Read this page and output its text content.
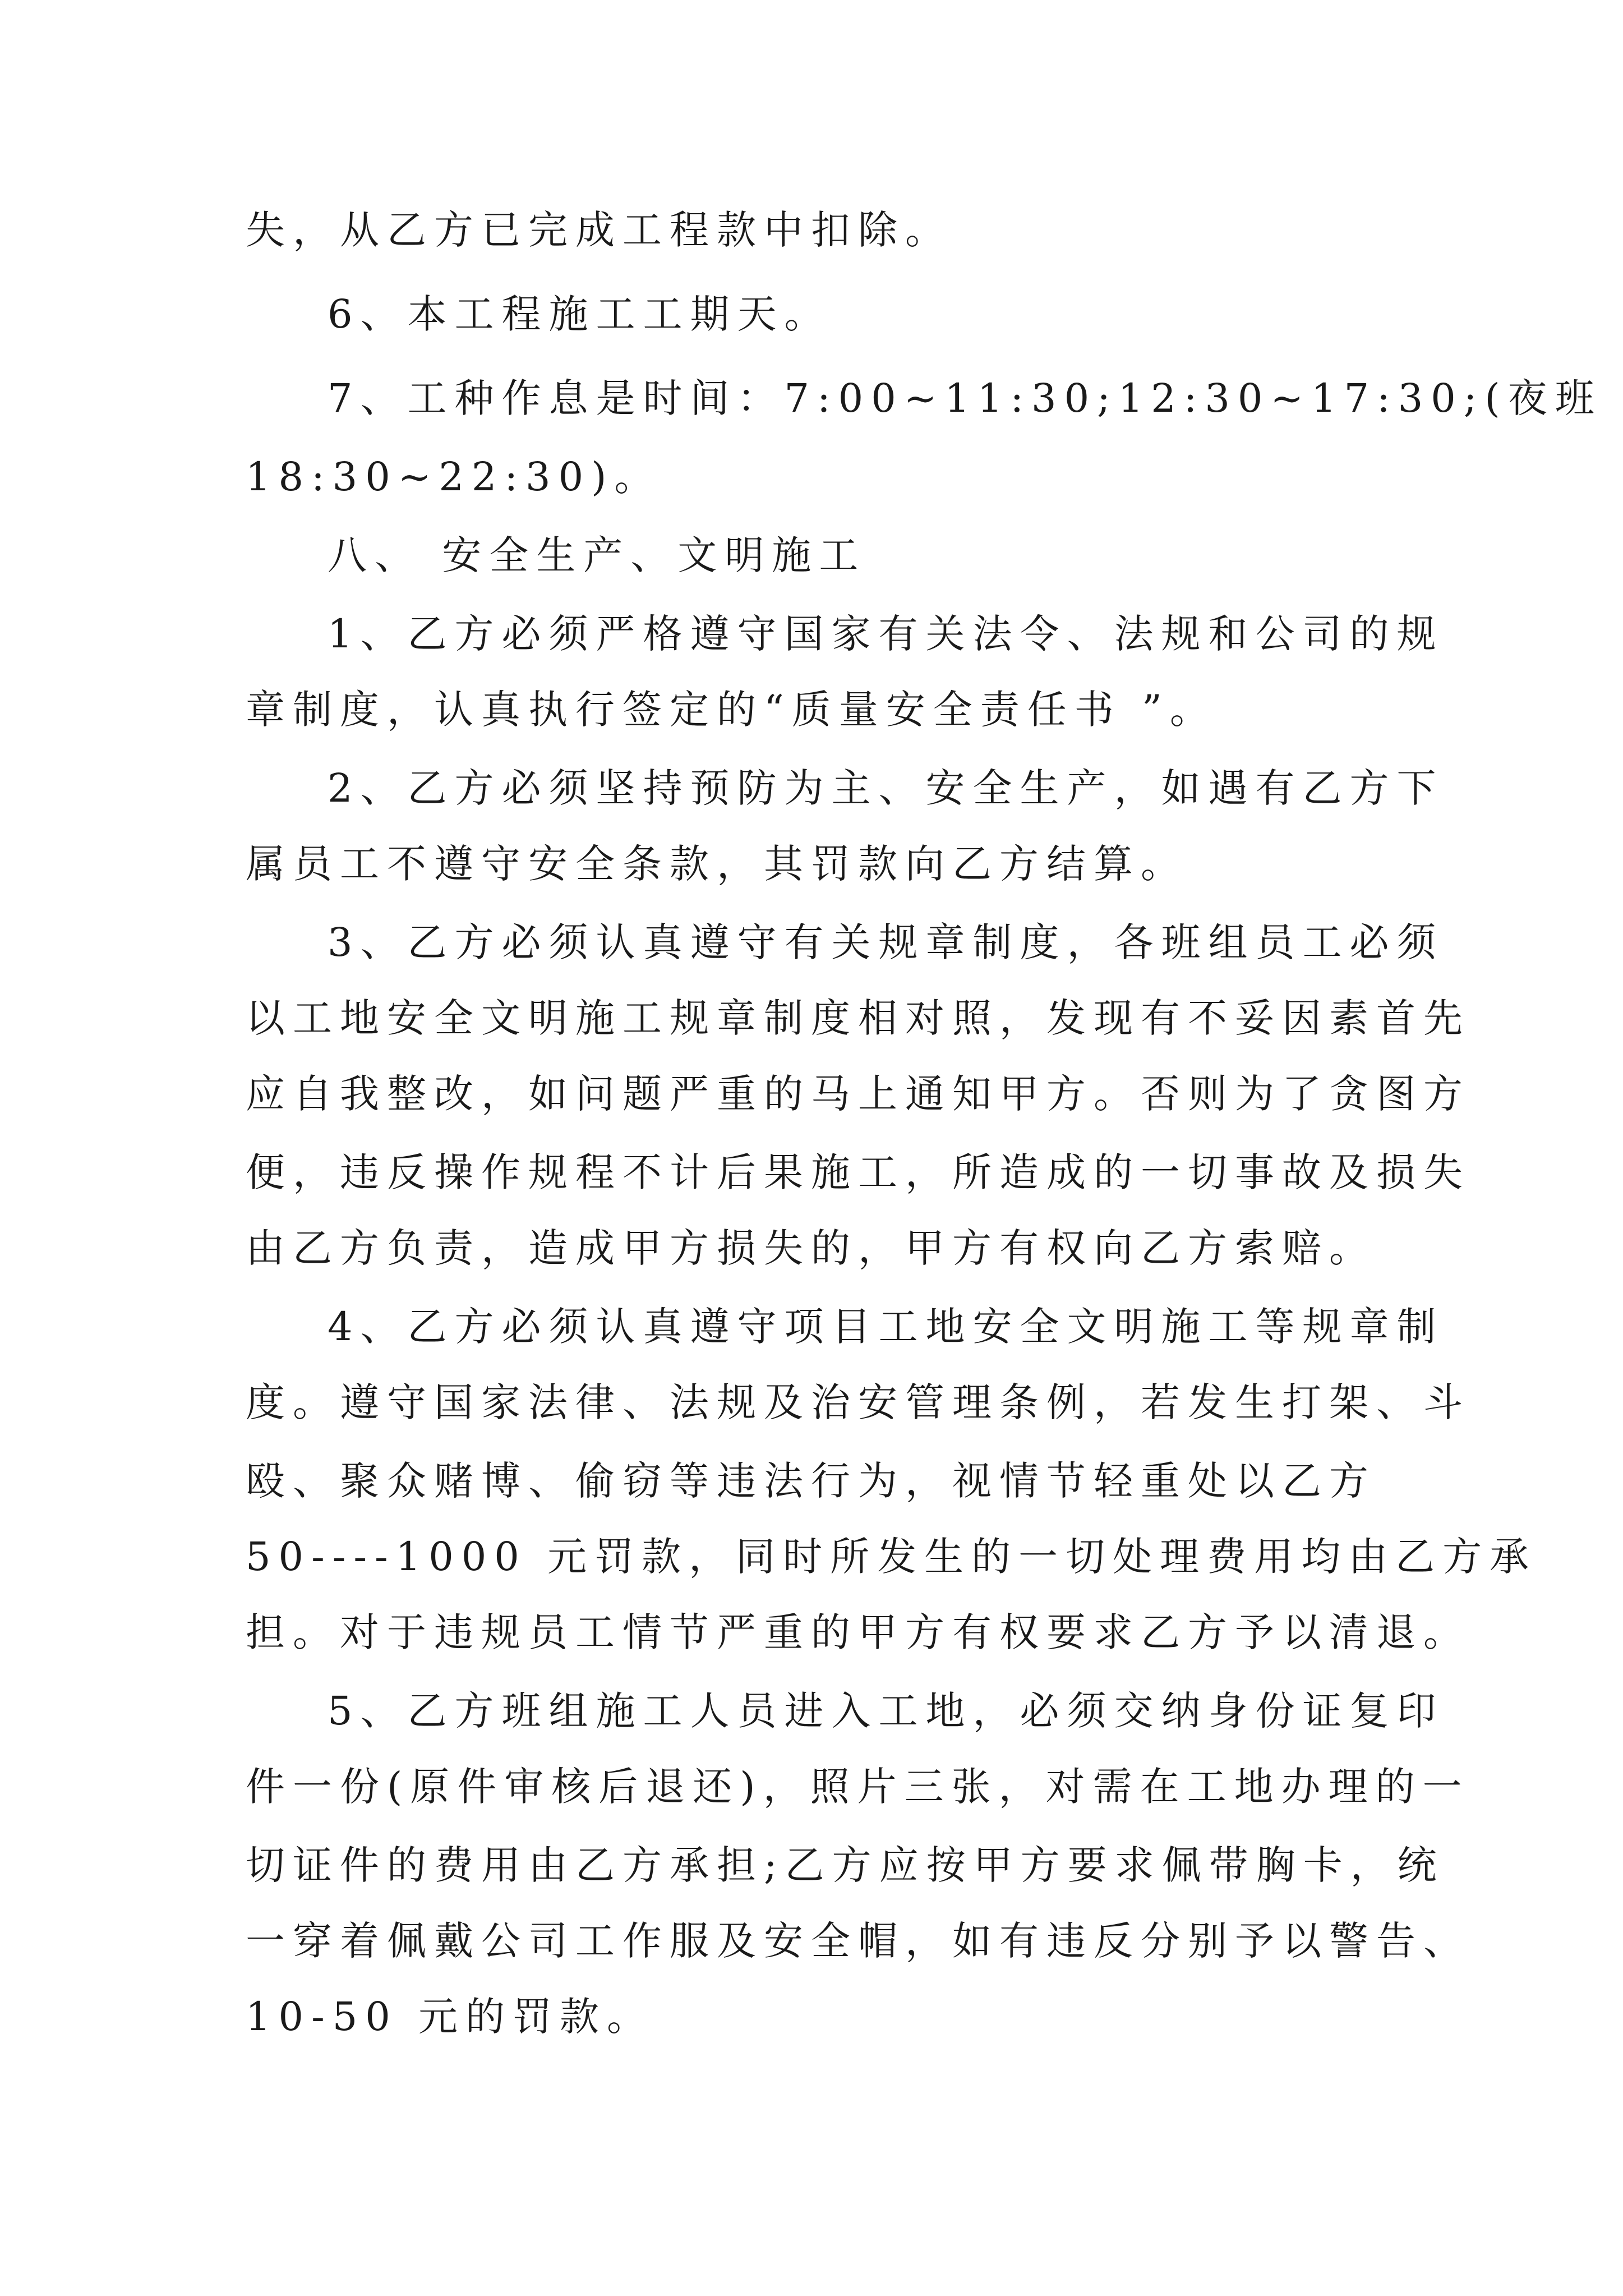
失，从乙方已完成工程款中扣除。
6、本工程施工工期天。
7、工种作息是时间：7:00~11:30;12:30~17:30;(夜班
18:30~22:30)。
八、 安全生产、文明施工
1、乙方必须严格遵守国家有关法令、法规和公司的规
章制度，认真执行签定的“质量安全责任书 ”。
2、乙方必须坚持预防为主、安全生产，如遇有乙方下
属员工不遵守安全条款，其罚款向乙方结算。
3、乙方必须认真遵守有关规章制度，各班组员工必须
以工地安全文明施工规章制度相对照，发现有不妥因素首先
应自我整改，如问题严重的马上通知甲方。否则为了贪图方
便，违反操作规程不计后果施工，所造成的一切事故及损失
由乙方负责，造成甲方损失的，甲方有权向乙方索赔。
4、乙方必须认真遵守项目工地安全文明施工等规章制
度。遵守国家法律、法规及治安管理条例，若发生打架、斗
殴、聚众赌博、偷窃等违法行为，视情节轻重处以乙方
50----1000 元罚款，同时所发生的一切处理费用均由乙方承
担。对于违规员工情节严重的甲方有权要求乙方予以清退。
5、乙方班组施工人员进入工地，必须交纳身份证复印
件一份(原件审核后退还)，照片三张，对需在工地办理的一
切证件的费用由乙方承担;乙方应按甲方要求佩带胸卡，统
一穿着佩戴公司工作服及安全帽，如有违反分别予以警告、
10-50 元的罚款。
